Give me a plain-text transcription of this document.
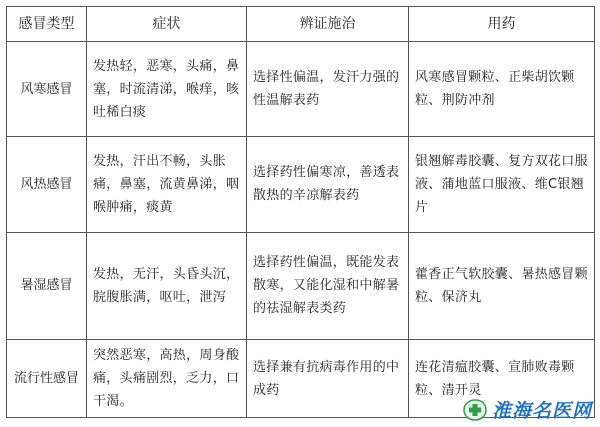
感冒类型	症状	辨证施治	用药
风寒感冒	发热轻，恶寒，头痛，鼻塞，时流清涕，喉痒，咳吐稀白痰	选择性偏温，发汗力强的性温解表药	风寒感冒颗粒、正柴胡饮颗粒、荆防冲剂
风热感冒	发热，汗出不畅，头胀痛，鼻塞，流黄鼻涕，咽喉肿痛，痰黄	选择药性偏寒凉，善透表散热的辛凉解表药	银翘解毒胶囊、复方双花口服液、蒲地蓝口服液、维C银翘片
暑湿感冒	发热，无汗，头昏头沉，脘腹胀满，呕吐，泄泻	选择药性偏温，既能发表散寒，又能化湿和中解暑的祛湿解表类药	藿香正气软胶囊、暑热感冒颗粒、保济丸
流行性感冒	突然恶寒，高热，周身酸痛，头痛剧烈，乏力，口干渴。	选择兼有抗病毒作用的中成药	连花清瘟胶囊、宣肺败毒颗粒、清开灵
淮海名医网
